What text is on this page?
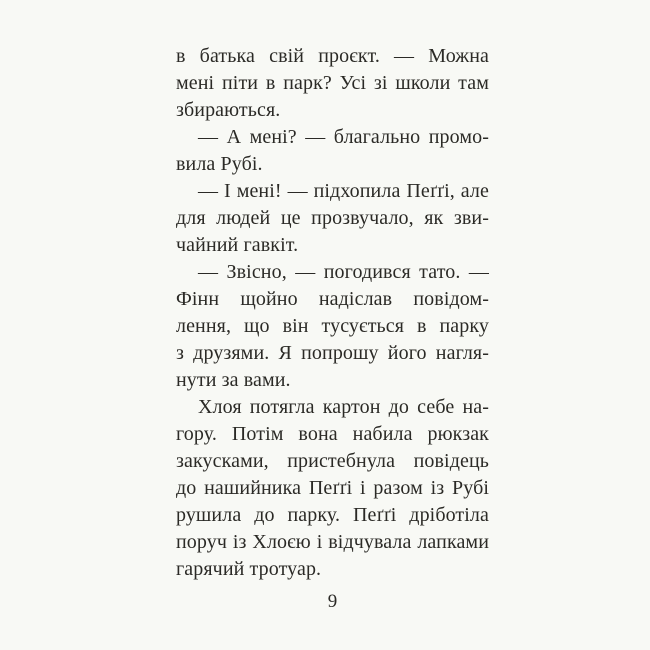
в батька свій проєкт. — Можна
мені піти в парк? Усі зі школи там
збираються.
— А мені? — благально промо-
вила Рубі.
— І мені! — підхопила Пеґґі, але
для людей це прозвучало, як зви-
чайний гавкіт.
— Звісно, — погодився тато. —
Фінн щойно надіслав повідом-
лення, що він тусується в парку
з друзями. Я попрошу його нагля-
нути за вами.
Хлоя потягла картон до себе на-
гору. Потім вона набила рюкзак
закусками, пристебнула повідець
до нашийника Пеґґі і разом із Рубі
рушила до парку. Пеґґі дріботіла
поруч із Хлоєю і відчувала лапками
гарячий тротуар.
9
